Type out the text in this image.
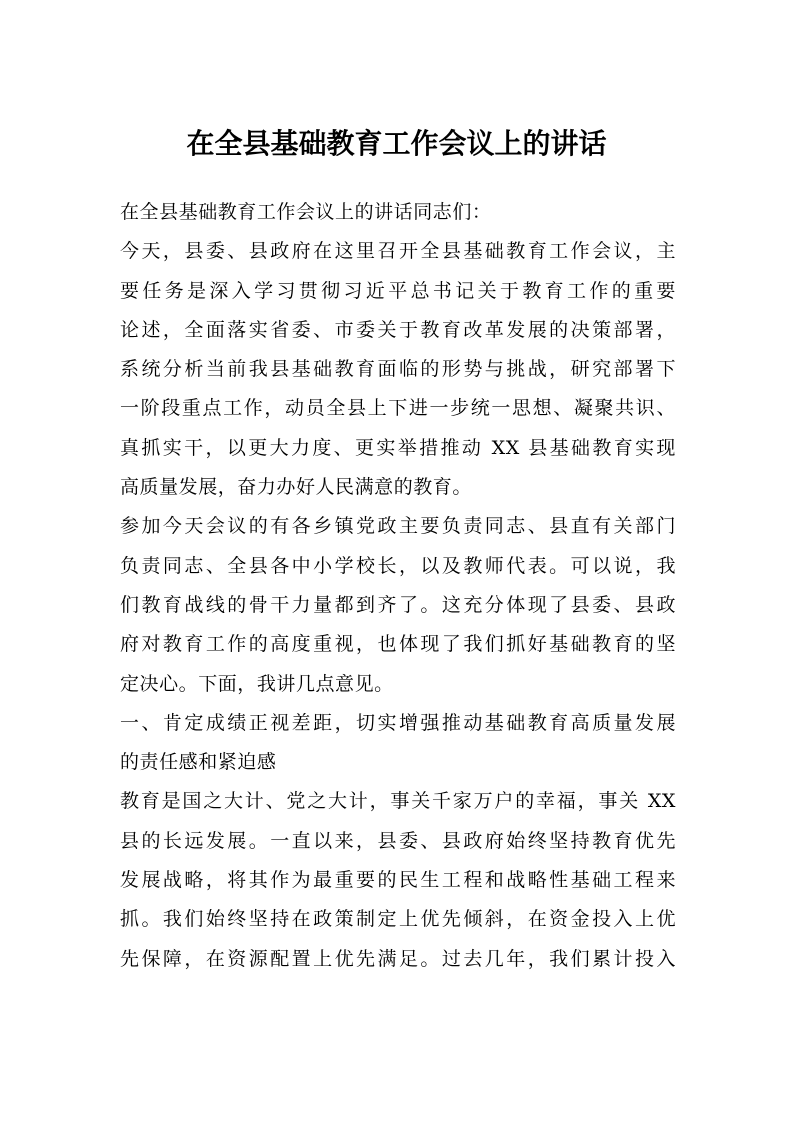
在全县基础教育工作会议上的讲话
在全县基础教育工作会议上的讲话同志们：
今天，县委、县政府在这里召开全县基础教育工作会议，主
要任务是深入学习贯彻习近平总书记关于教育工作的重要
论述，全面落实省委、市委关于教育改革发展的决策部署，
系统分析当前我县基础教育面临的形势与挑战，研究部署下
一阶段重点工作，动员全县上下进一步统一思想、凝聚共识、
真抓实干，以更大力度、更实举措推动 XX 县基础教育实现
高质量发展，奋力办好人民满意的教育。
参加今天会议的有各乡镇党政主要负责同志、县直有关部门
负责同志、全县各中小学校长，以及教师代表。可以说，我
们教育战线的骨干力量都到齐了。这充分体现了县委、县政
府对教育工作的高度重视，也体现了我们抓好基础教育的坚
定决心。下面，我讲几点意见。
一、肯定成绩正视差距，切实增强推动基础教育高质量发展
的责任感和紧迫感
教育是国之大计、党之大计，事关千家万户的幸福，事关 XX
县的长远发展。一直以来，县委、县政府始终坚持教育优先
发展战略，将其作为最重要的民生工程和战略性基础工程来
抓。我们始终坚持在政策制定上优先倾斜，在资金投入上优
先保障，在资源配置上优先满足。过去几年，我们累计投入
